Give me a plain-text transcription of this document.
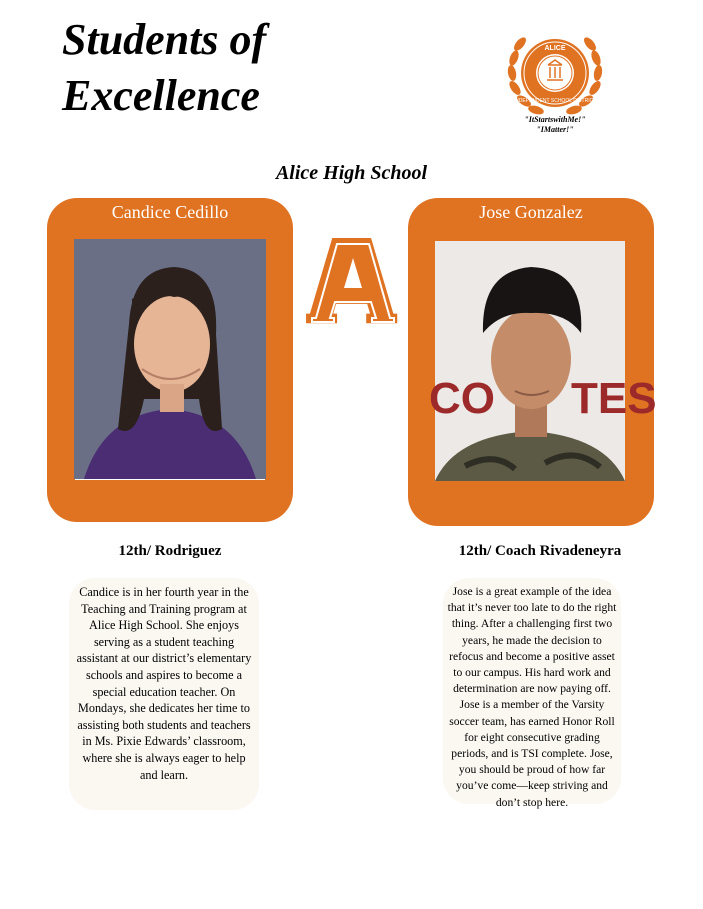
Students of
Excellence
ALICE
INDEPENDENT SCHOOL DISTRICT
"ItStartswithMe!"
"IMatter!"
Alice High School
Candice Cedillo	Jose Gonzalez
CO TES
12th/ Rodriguez	12th/ Coach Rivadeneyra
Candice is in her fourth year in the Teaching and Training program at Alice High School. She enjoys serving as a student teaching assistant at our district’s elementary schools and aspires to become a special education teacher. On Mondays, she dedicates her time to assisting both students and teachers in Ms. Pixie Edwards’ classroom, where she is always eager to help and learn.
Jose is a great example of the idea that it’s never too late to do the right thing. After a challenging first two years, he made the decision to refocus and become a positive asset to our campus. His hard work and determination are now paying off. Jose is a member of the Varsity soccer team, has earned Honor Roll for eight consecutive grading periods, and is TSI complete. Jose, you should be proud of how far you’ve come—keep striving and don’t stop here.
